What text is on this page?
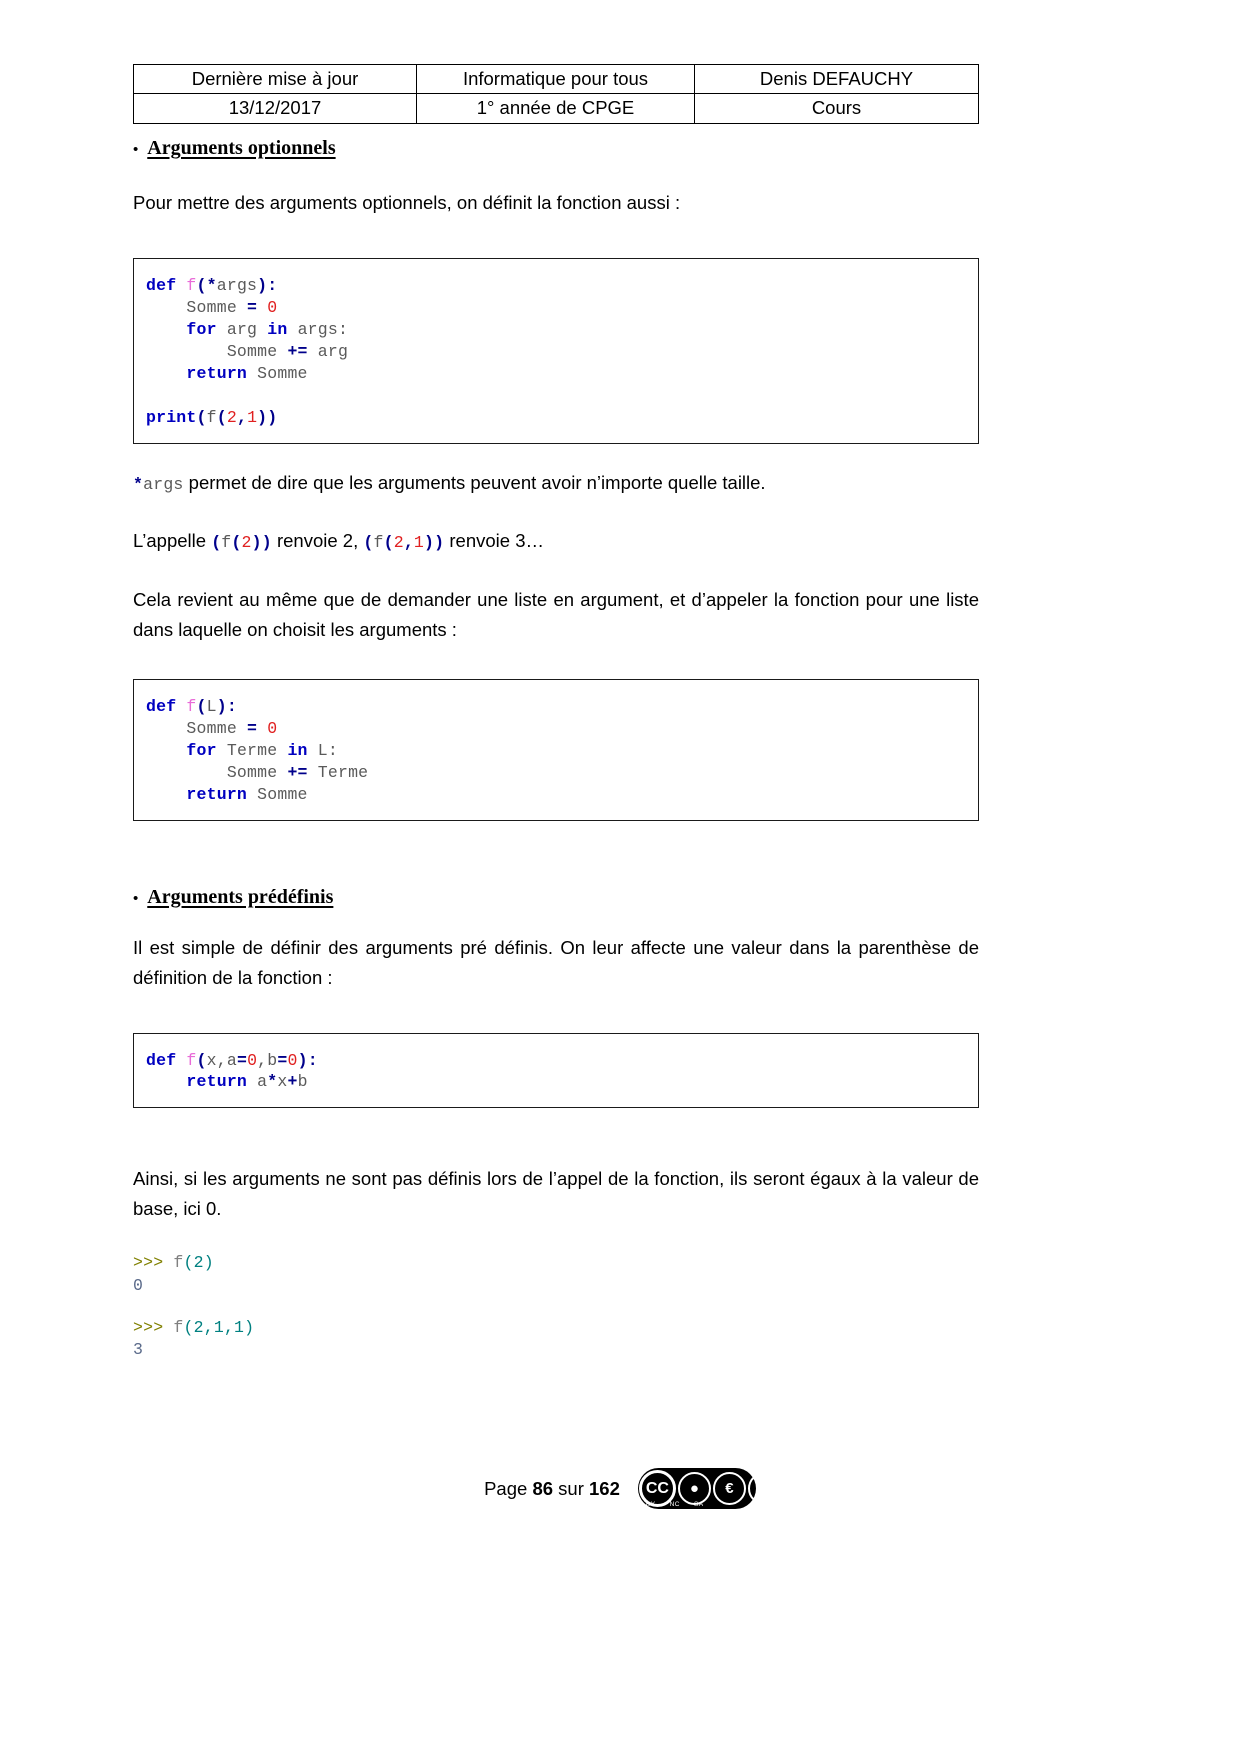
Dernière mise à jour	Informatique pour tous	Denis DEFAUCHY
13/12/2017	1° année de CPGE	Cours
• Arguments optionnels

Pour mettre des arguments optionnels, on définit la fonction aussi :

def f(*args):
Somme = 0
for arg in args:
Somme += arg
return Somme

print(f(2,1))

*args permet de dire que les arguments peuvent avoir n’importe quelle taille.

L’appelle (f(2)) renvoie 2, (f(2,1)) renvoie 3…

Cela revient au même que de demander une liste en argument, et d’appeler la fonction pour une liste dans laquelle on choisit les arguments :

def f(L):
Somme = 0
for Terme in L:
Somme += Terme
return Somme
• Arguments prédéfinis

Il est simple de définir des arguments pré définis. On leur affecte une valeur dans la parenthèse de définition de la fonction :

def f(x,a=0,b=0):
return a*x+b

Ainsi, si les arguments ne sont pas définis lors de l’appel de la fonction, ils seront égaux à la valeur de base, ici 0.

>>> f(2)
0
>>> f(2,1,1)
3
Page 86 sur 162	CC	●	€	↻
BY NC SA
